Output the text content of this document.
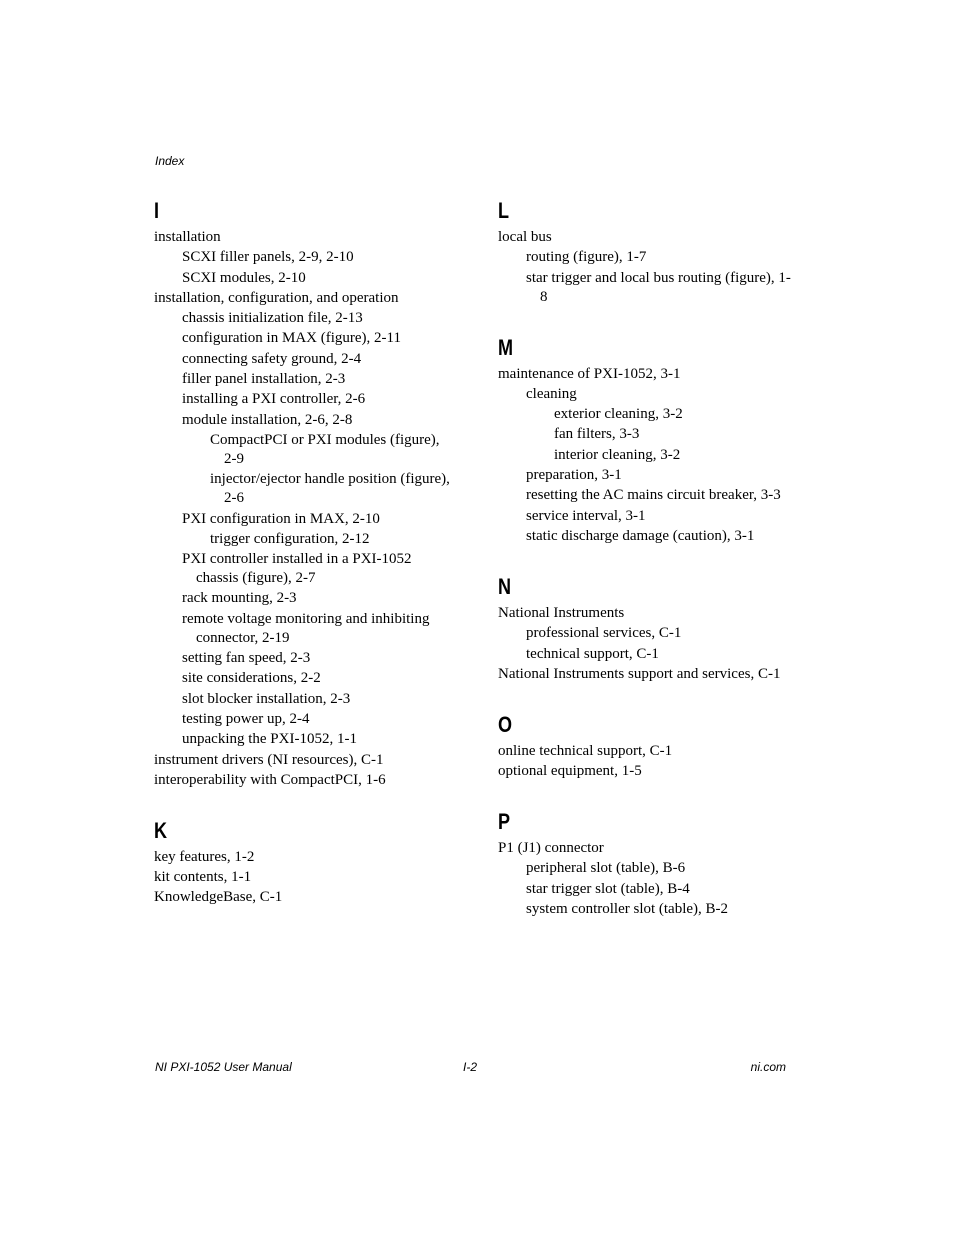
Index
I
installation
SCXI filler panels, 2-9, 2-10
SCXI modules, 2-10
installation, configuration, and operation
chassis initialization file, 2-13
configuration in MAX (figure), 2-11
connecting safety ground, 2-4
filler panel installation, 2-3
installing a PXI controller, 2-6
module installation, 2-6, 2-8
CompactPCI or PXI modules (figure), 2-9
injector/ejector handle position (figure), 2-6
PXI configuration in MAX, 2-10
trigger configuration, 2-12
PXI controller installed in a PXI-1052 chassis (figure), 2-7
rack mounting, 2-3
remote voltage monitoring and inhibiting connector, 2-19
setting fan speed, 2-3
site considerations, 2-2
slot blocker installation, 2-3
testing power up, 2-4
unpacking the PXI-1052, 1-1
instrument drivers (NI resources), C-1
interoperability with CompactPCI, 1-6
K
key features, 1-2
kit contents, 1-1
KnowledgeBase, C-1
L
local bus
routing (figure), 1-7
star trigger and local bus routing (figure), 1-8
M
maintenance of PXI-1052, 3-1
cleaning
exterior cleaning, 3-2
fan filters, 3-3
interior cleaning, 3-2
preparation, 3-1
resetting the AC mains circuit breaker, 3-3
service interval, 3-1
static discharge damage (caution), 3-1
N
National Instruments
professional services, C-1
technical support, C-1
National Instruments support and services, C-1
O
online technical support, C-1
optional equipment, 1-5
P
P1 (J1) connector
peripheral slot (table), B-6
star trigger slot (table), B-4
system controller slot (table), B-2
NI PXI-1052 User Manual	I-2	ni.com
